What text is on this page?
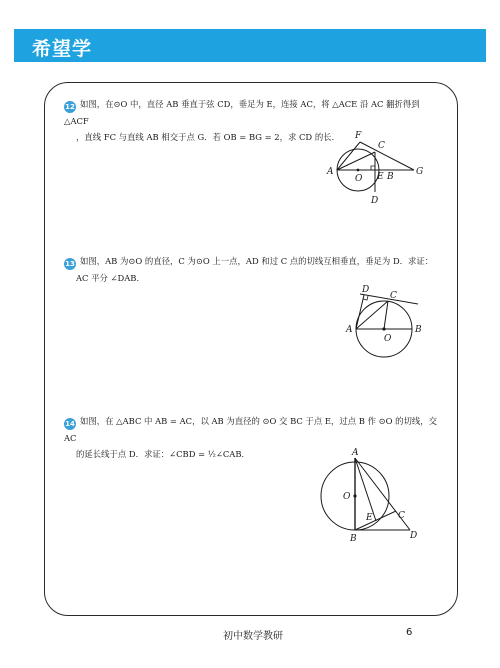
希望学
12 如图，在⊙O 中，直径 AB 垂直于弦 CD，垂足为 E，连接 AC，将 △ACE 沿 AC 翻折得到 △ACF
，直线 FC 与直线 AB 相交于点 G．若 OB = BG = 2，求 CD 的长．	F
C
A
O E B G
D
13 如图，AB 为⊙O 的直径，C 为⊙O 上一点，AD 和过 C 点的切线互相垂直，垂足为 D．求证：
AC 平分 ∠DAB．
D
C
A	B
O
14 如图，在 △ABC 中 AB = AC，以 AB 为直径的 ⊙O 交 BC 于点 E，过点 B 作 ⊙O 的切线，交 AC
的延长线于点 D．求证：∠CBD = ½∠CAB．	A
O
E	C
B	D
初中数学教研	6
